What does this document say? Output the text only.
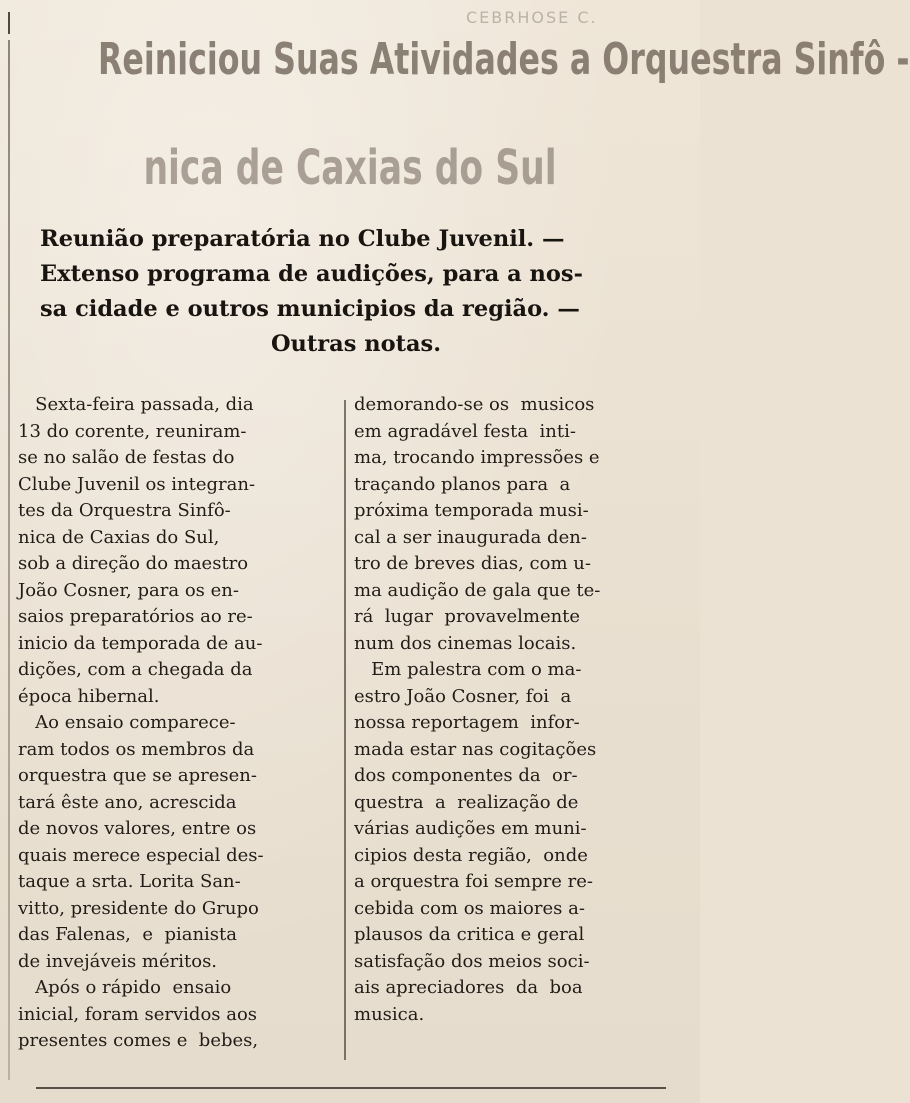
CEBRHOSE C.
Reiniciou Suas Atividades a Orquestra Sinfô -
nica de Caxias do Sul
Reunião preparatória no Clube Juvenil. —
Extenso programa de audições, para a nos-
sa cidade e outros municipios da região. —
Outras notas.
Sexta-feira passada, dia
13 do corente, reuniram-
se no salão de festas do
Clube Juvenil os integran-
tes da Orquestra Sinfô-
nica de Caxias do Sul,
sob a direção do maestro
João Cosner, para os en-
saios preparatórios ao re-
inicio da temporada de au-
dições, com a chegada da
época hibernal.
Ao ensaio comparece-
ram todos os membros da
orquestra que se apresen-
tará êste ano, acrescida
de novos valores, entre os
quais merece especial des-
taque a srta. Lorita San-
vitto, presidente do Grupo
das Falenas,  e  pianista
de invejáveis méritos.
Após o rápido  ensaio
inicial, foram servidos aos
presentes comes e  bebes,
demorando-se os  musicos
em agradável festa  inti-
ma, trocando impressões e
traçando planos para  a
próxima temporada musi-
cal a ser inaugurada den-
tro de breves dias, com u-
ma audição de gala que te-
rá  lugar  provavelmente
num dos cinemas locais.
Em palestra com o ma-
estro João Cosner, foi  a
nossa reportagem  infor-
mada estar nas cogitações
dos componentes da  or-
questra  a  realização de
várias audições em muni-
cipios desta região,  onde
a orquestra foi sempre re-
cebida com os maiores a-
plausos da critica e geral
satisfação dos meios soci-
ais apreciadores  da  boa
musica.
